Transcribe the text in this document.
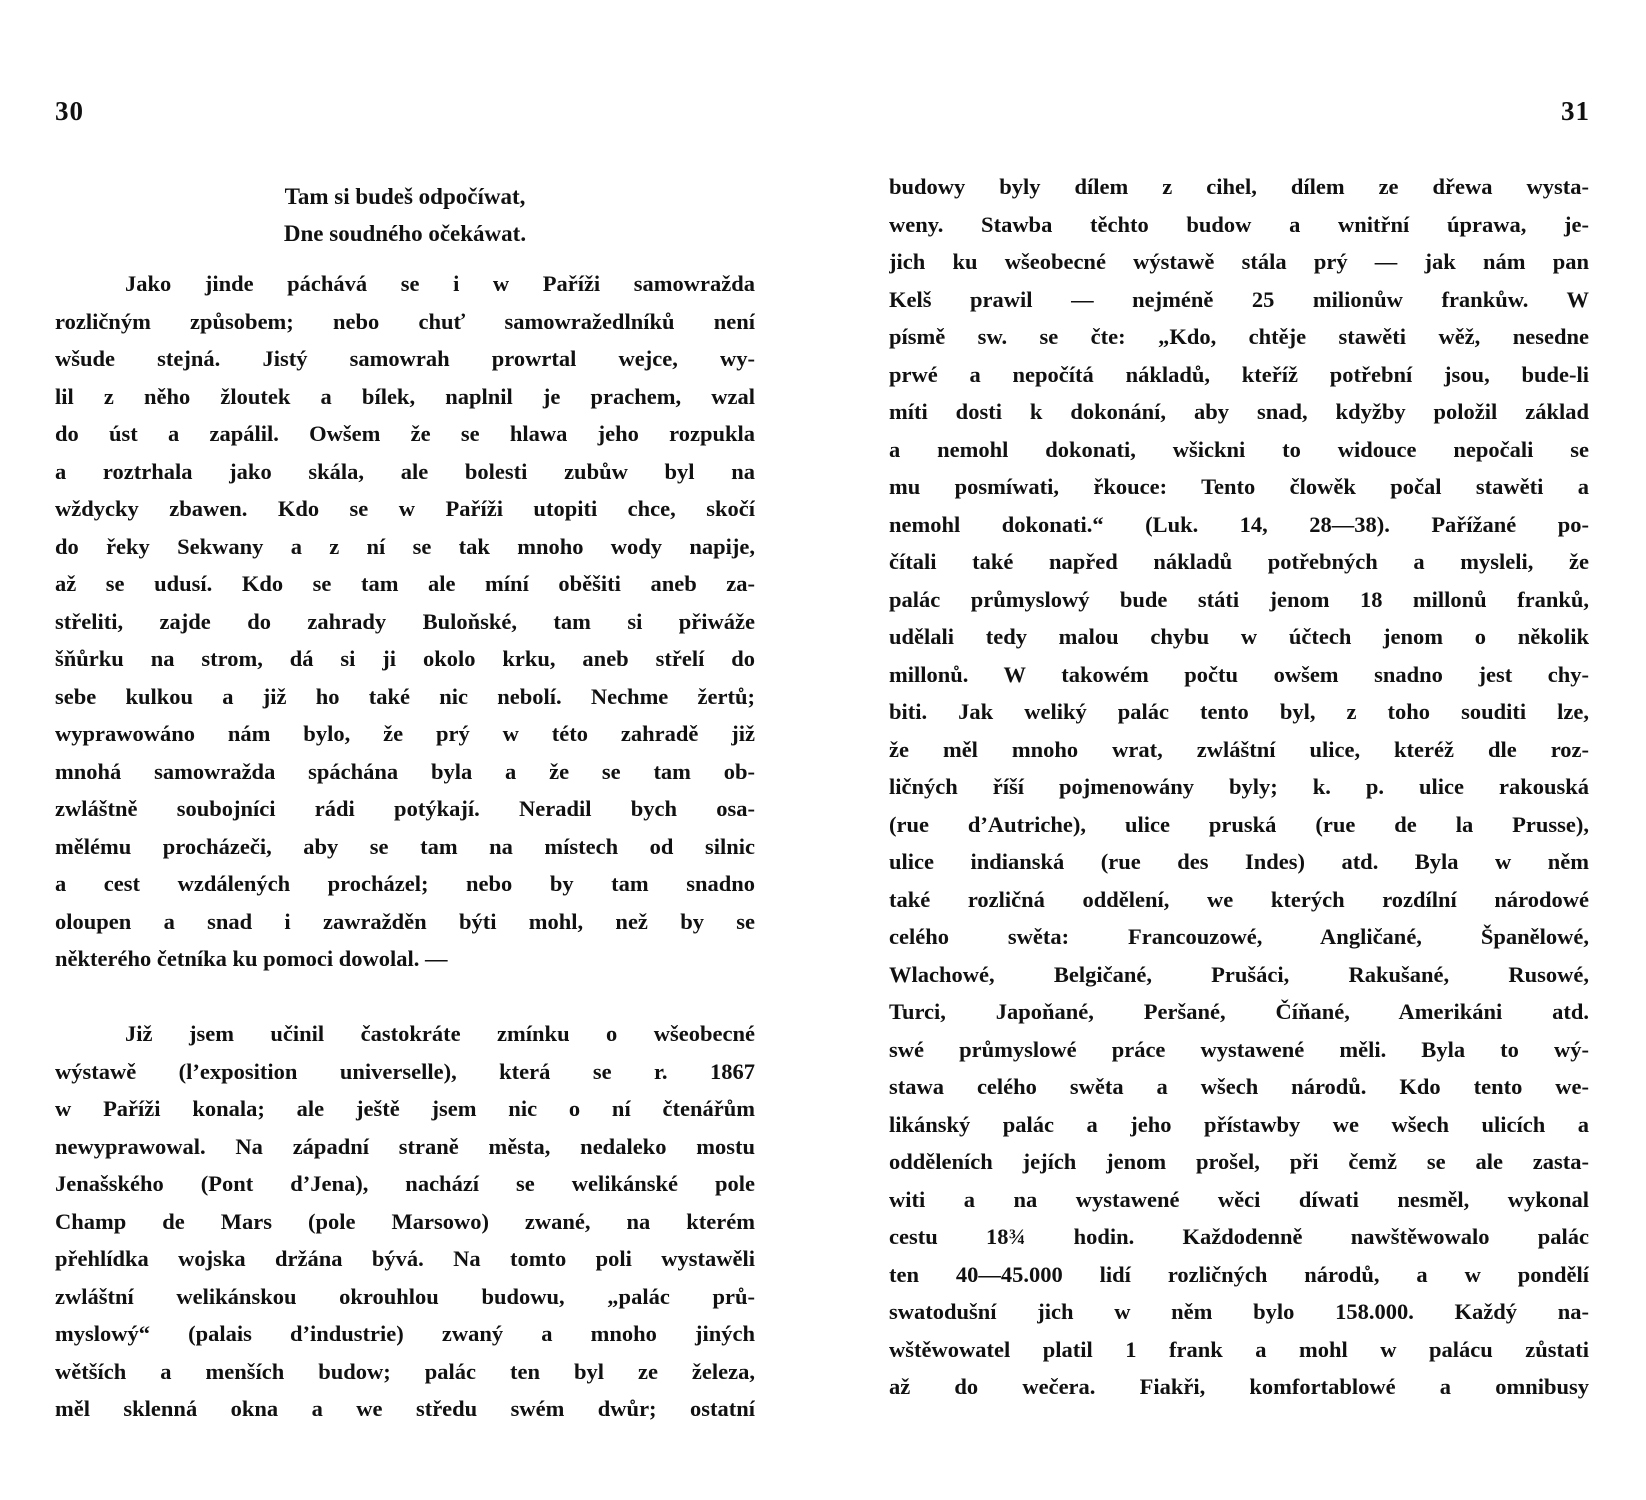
30
Tam si budeš odpočíwat,
Dne soudného očekáwat.
Jako jinde páchává se i w Paříži samowražda
rozličným způsobem; nebo chuť samowražedlníků není
wšude stejná. Jistý samowrah prowrtal wejce, wy-
lil z něho žloutek a bílek, naplnil je prachem, wzal
do úst a zapálil. Owšem že se hlawa jeho rozpukla
a roztrhala jako skála, ale bolesti zubůw byl na
wždycky zbawen. Kdo se w Paříži utopiti chce, skočí
do řeky Sekwany a z ní se tak mnoho wody napije,
až se udusí. Kdo se tam ale míní oběšiti aneb za-
střeliti, zajde do zahrady Buloňské, tam si přiwáže
šňůrku na strom, dá si ji okolo krku, aneb střelí do
sebe kulkou a již ho také nic nebolí. Nechme žertů;
wyprawowáno nám bylo, že prý w této zahradě již
mnohá samowražda spáchána byla a že se tam ob-
zwláštně soubojníci rádi potýkají. Neradil bych osa-
mělému procházeči, aby se tam na místech od silnic
a cest wzdálených procházel; nebo by tam snadno
oloupen a snad i zawražděn býti mohl, než by se
některého četníka ku pomoci dowolal. —
Již jsem učinil častokráte zmínku o wšeobecné
wýstawě (l’exposition universelle), která se r. 1867
w Paříži konala; ale ještě jsem nic o ní čtenářům
newyprawowal. Na západní straně města, nedaleko mostu
Jenašského (Pont d’Jena), nachází se welikánské pole
Champ de Mars (pole Marsowo) zwané, na kterém
přehlídka wojska držána bývá. Na tomto poli wystawěli
zwláštní welikánskou okrouhlou budowu, „palác prů-
myslowý“ (palais d’industrie) zwaný a mnoho jiných
wětších a menších budow; palác ten byl ze železa,
měl sklenná okna a we středu swém dwůr; ostatní
31
budowy byly dílem z cihel, dílem ze dřewa wysta-
weny. Stawba těchto budow a wnitřní úprawa, je-
jich ku wšeobecné wýstawě stála prý — jak nám pan
Kelš prawil — nejméně 25 milionůw frankůw. W
písmě sw. se čte: „Kdo, chtěje stawěti wěž, nesedne
prwé a nepočítá nákladů, kteříž potřební jsou, bude-li
míti dosti k dokonání, aby snad, kdyžby položil základ
a nemohl dokonati, wšickni to widouce nepočali se
mu posmíwati, řkouce: Tento člowěk počal stawěti a
nemohl dokonati.“ (Luk. 14, 28—38). Pařížané po-
čítali také napřed nákladů potřebných a mysleli, že
palác průmyslowý bude státi jenom 18 millonů franků,
udělali tedy malou chybu w účtech jenom o několik
millonů. W takowém počtu owšem snadno jest chy-
biti. Jak weliký palác tento byl, z toho souditi lze,
že měl mnoho wrat, zwláštní ulice, kteréž dle roz-
ličných říší pojmenowány byly; k. p. ulice rakouská
(rue d’Autriche), ulice pruská (rue de la Prusse),
ulice indianská (rue des Indes) atd. Byla w něm
také rozličná oddělení, we kterých rozdílní národowé
celého swěta: Francouzowé, Angličané, Španělowé,
Wlachowé, Belgičané, Prušáci, Rakušané, Rusowé,
Turci, Japoňané, Peršané, Číňané, Amerikáni atd.
swé průmyslowé práce wystawené měli. Byla to wý-
stawa celého swěta a wšech národů. Kdo tento we-
likánský palác a jeho přístawby we wšech ulicích a
odděleních jejích jenom prošel, při čemž se ale zasta-
witi a na wystawené wěci díwati nesměl, wykonal
cestu 18¾ hodin. Každodenně nawštěwowalo palác
ten 40—45.000 lidí rozličných národů, a w pondělí
swatodušní jich w něm bylo 158.000. Každý na-
wštěwowatel platil 1 frank a mohl w palácu zůstati
až do wečera. Fiakři, komfortablowé a omnibusy
